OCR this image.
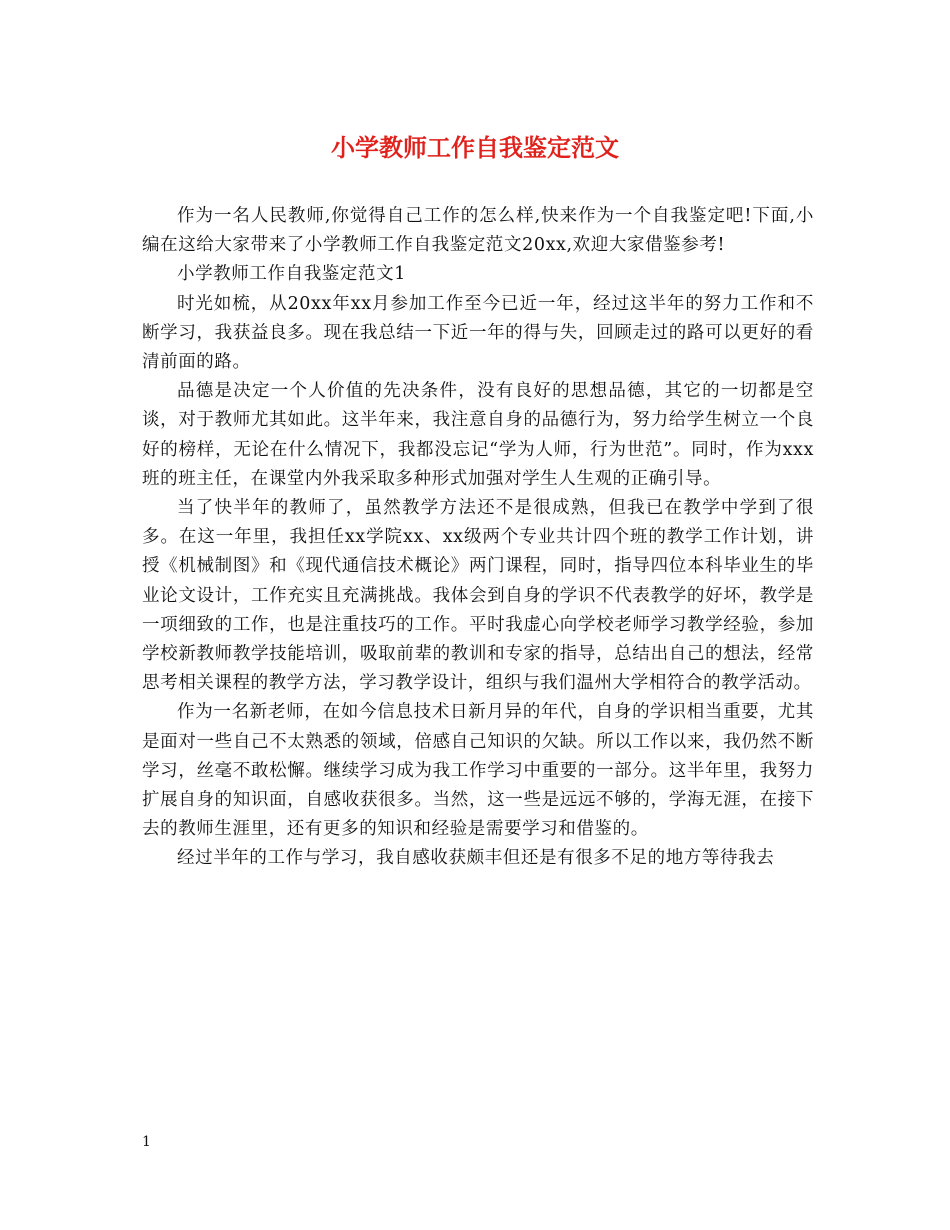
小学教师工作自我鉴定范文

作为一名人民教师,你觉得自己工作的怎么样,快来作为一个自我鉴定吧!下面,小编在这给大家带来了小学教师工作自我鉴定范文20xx,欢迎大家借鉴参考!

小学教师工作自我鉴定范文1

时光如梳，从20xx年xx月参加工作至今已近一年，经过这半年的努力工作和不断学习，我获益良多。现在我总结一下近一年的得与失，回顾走过的路可以更好的看清前面的路。

品德是决定一个人价值的先决条件，没有良好的思想品德，其它的一切都是空谈，对于教师尤其如此。这半年来，我注意自身的品德行为，努力给学生树立一个良好的榜样，无论在什么情况下，我都没忘记“学为人师，行为世范”。同时，作为xxx班的班主任，在课堂内外我采取多种形式加强对学生人生观的正确引导。

当了快半年的教师了，虽然教学方法还不是很成熟，但我已在教学中学到了很多。在这一年里，我担任xx学院xx、xx级两个专业共计四个班的教学工作计划，讲授《机械制图》和《现代通信技术概论》两门课程，同时，指导四位本科毕业生的毕业论文设计，工作充实且充满挑战。我体会到自身的学识不代表教学的好坏，教学是一项细致的工作，也是注重技巧的工作。平时我虚心向学校老师学习教学经验，参加学校新教师教学技能培训，吸取前辈的教训和专家的指导，总结出自己的想法，经常思考相关课程的教学方法，学习教学设计，组织与我们温州大学相符合的教学活动。

作为一名新老师，在如今信息技术日新月异的年代，自身的学识相当重要，尤其是面对一些自己不太熟悉的领域，倍感自己知识的欠缺。所以工作以来，我仍然不断学习，丝毫不敢松懈。继续学习成为我工作学习中重要的一部分。这半年里，我努力扩展自身的知识面，自感收获很多。当然，这一些是远远不够的，学海无涯，在接下去的教师生涯里，还有更多的知识和经验是需要学习和借鉴的。

经过半年的工作与学习，我自感收获颇丰但还是有很多不足的地方等待我去

1
